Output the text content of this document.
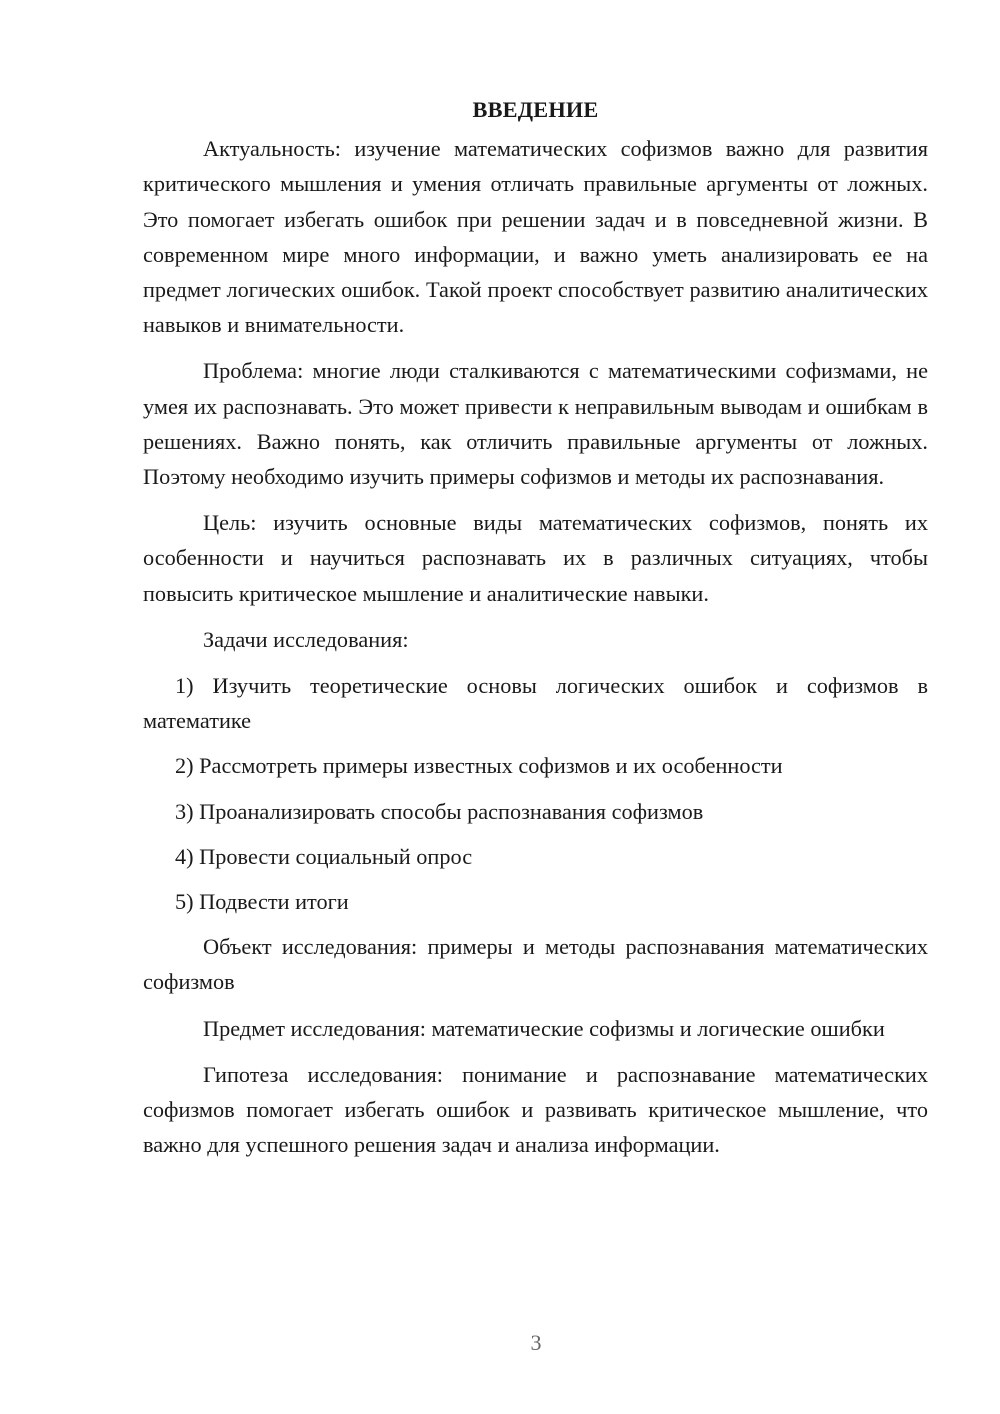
ВВЕДЕНИЕ

Актуальность: изучение математических софизмов важно для развития критического мышления и умения отличать правильные аргументы от ложных. Это помогает избегать ошибок при решении задач и в повседневной жизни. В современном мире много информации, и важно уметь анализировать ее на предмет логических ошибок. Такой проект способствует развитию аналитических навыков и внимательности.

Проблема: многие люди сталкиваются с математическими софизмами, не умея их распознавать. Это может привести к неправильным выводам и ошибкам в решениях. Важно понять, как отличить правильные аргументы от ложных. Поэтому необходимо изучить примеры софизмов и методы их распознавания.

Цель: изучить основные виды математических софизмов, понять их особенности и научиться распознавать их в различных ситуациях, чтобы повысить критическое мышление и аналитические навыки.

Задачи исследования:

1) Изучить теоретические основы логических ошибок и софизмов в математике

2) Рассмотреть примеры известных софизмов и их особенности

3) Проанализировать способы распознавания софизмов

4) Провести социальный опрос

5) Подвести итоги

Объект исследования: примеры и методы распознавания математических софизмов

Предмет исследования: математические софизмы и логические ошибки

Гипотеза исследования: понимание и распознавание математических софизмов помогает избегать ошибок и развивать критическое мышление, что важно для успешного решения задач и анализа информации.

3
